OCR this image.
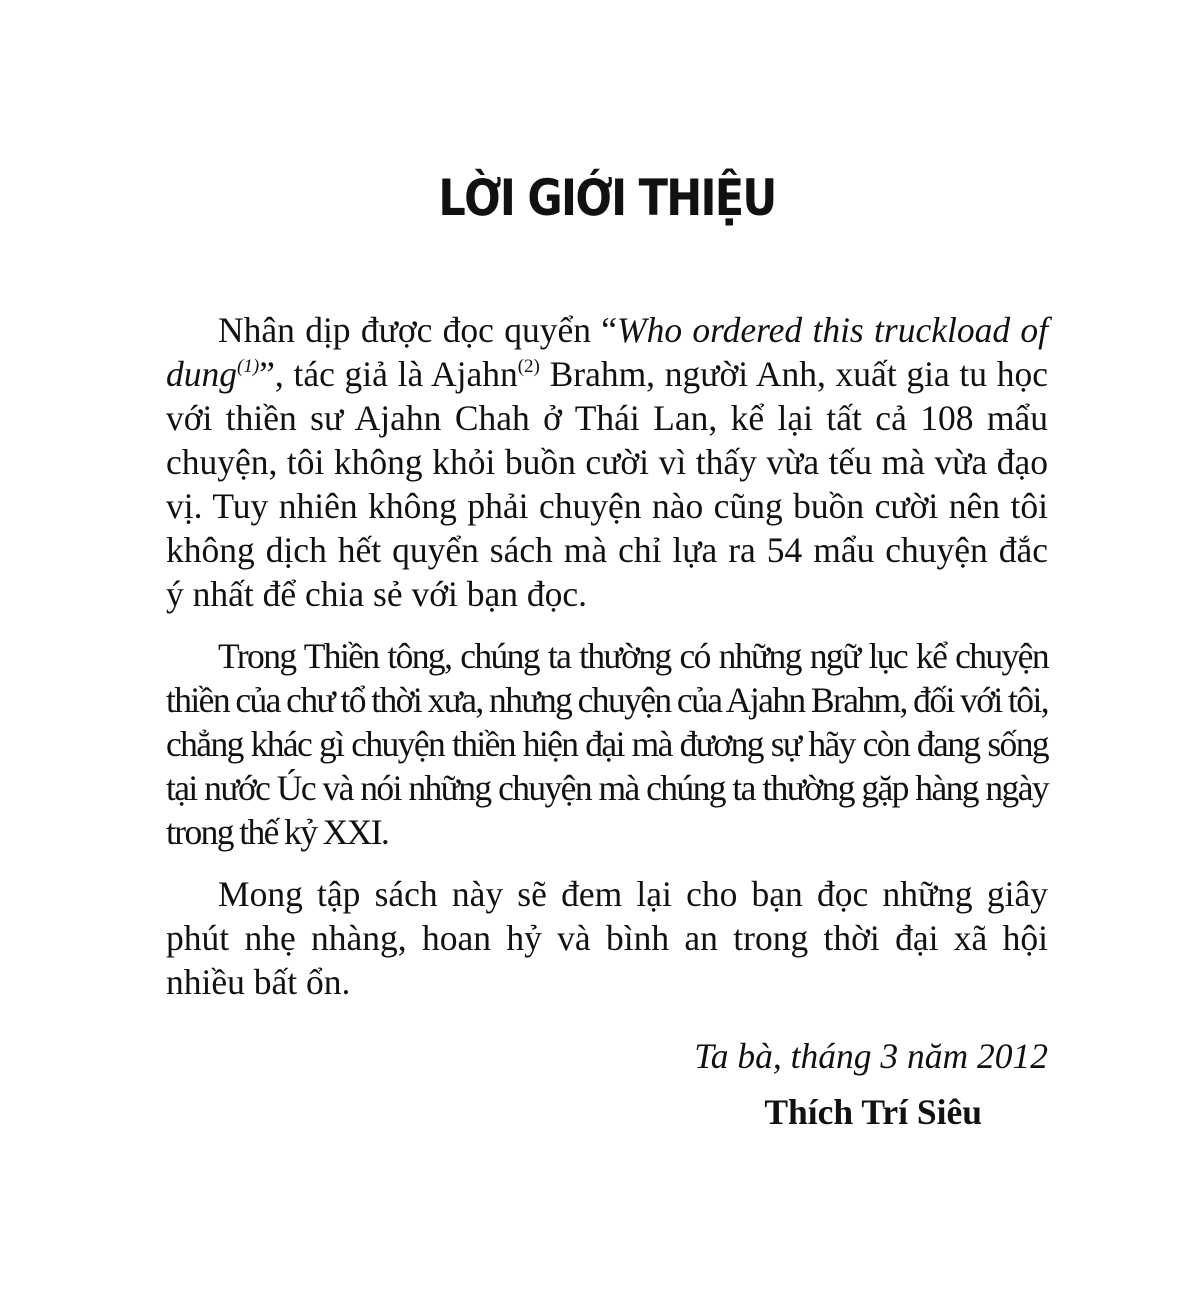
LỜI GIỚI THIỆU

Nhân dịp được đọc quyển “Who ordered this truckload of dung$^{(1)}$”, tác giả là Ajahn$^{(2)}$ Brahm, người Anh, xuất gia tu học với thiền sư Ajahn Chah ở Thái Lan, kể lại tất cả 108 mẩu chuyện, tôi không khỏi buồn cười vì thấy vừa tếu mà vừa đạo vị. Tuy nhiên không phải chuyện nào cũng buồn cười nên tôi không dịch hết quyển sách mà chỉ lựa ra 54 mẩu chuyện đắc ý nhất để chia sẻ với bạn đọc.

Trong Thiền tông, chúng ta thường có những ngữ lục kể chuyện thiền của chư tổ thời xưa, nhưng chuyện của Ajahn Brahm, đối với tôi, chẳng khác gì chuyện thiền hiện đại mà đương sự hãy còn đang sống tại nước Úc và nói những chuyện mà chúng ta thường gặp hàng ngày trong thế kỷ XXI.

Mong tập sách này sẽ đem lại cho bạn đọc những giây phút nhẹ nhàng, hoan hỷ và bình an trong thời đại xã hội nhiều bất ổn.

Ta bà, tháng 3 năm 2012

Thích Trí Siêu
